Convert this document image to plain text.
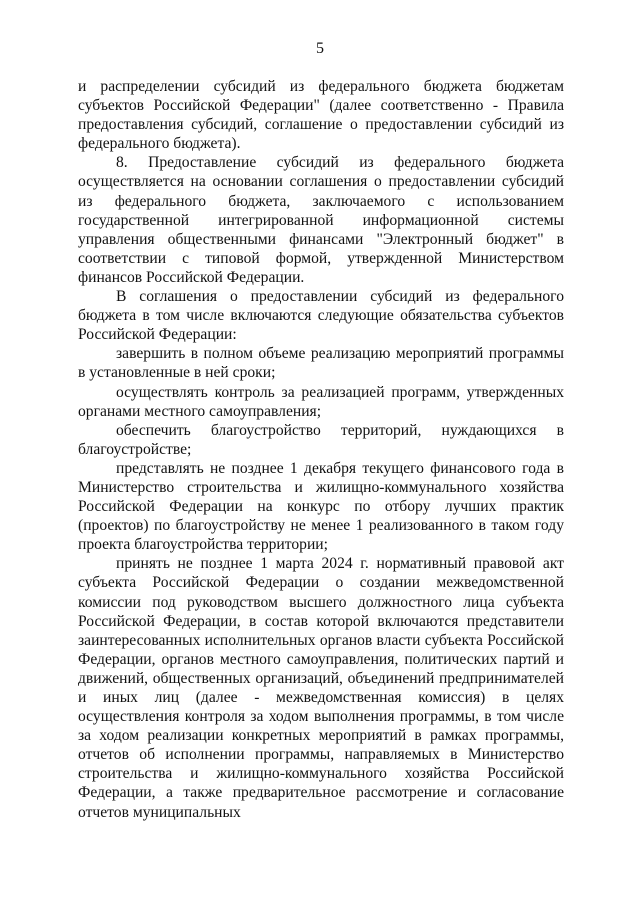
5

и распределении субсидий из федерального бюджета бюджетам субъектов Российской Федерации" (далее соответственно - Правила предоставления субсидий, соглашение о предоставлении субсидий из федерального бюджета).

8. Предоставление субсидий из федерального бюджета осуществляется на основании соглашения о предоставлении субсидий из федерального бюджета, заключаемого с использованием государственной интегрированной информационной системы управления общественными финансами "Электронный бюджет" в соответствии с типовой формой, утвержденной Министерством финансов Российской Федерации.

В соглашения о предоставлении субсидий из федерального бюджета в том числе включаются следующие обязательства субъектов Российской Федерации:

завершить в полном объеме реализацию мероприятий программы в установленные в ней сроки;

осуществлять контроль за реализацией программ, утвержденных органами местного самоуправления;

обеспечить благоустройство территорий, нуждающихся в благоустройстве;

представлять не позднее 1 декабря текущего финансового года в Министерство строительства и жилищно-коммунального хозяйства Российской Федерации на конкурс по отбору лучших практик (проектов) по благоустройству не менее 1 реализованного в таком году проекта благоустройства территории;

принять не позднее 1 марта 2024 г. нормативный правовой акт субъекта Российской Федерации о создании межведомственной комиссии под руководством высшего должностного лица субъекта Российской Федерации, в состав которой включаются представители заинтересованных исполнительных органов власти субъекта Российской Федерации, органов местного самоуправления, политических партий и движений, общественных организаций, объединений предпринимателей и иных лиц (далее - межведомственная комиссия) в целях осуществления контроля за ходом выполнения программы, в том числе за ходом реализации конкретных мероприятий в рамках программы, отчетов об исполнении программы, направляемых в Министерство строительства и жилищно-коммунального хозяйства Российской Федерации, а также предварительное рассмотрение и согласование отчетов муниципальных
